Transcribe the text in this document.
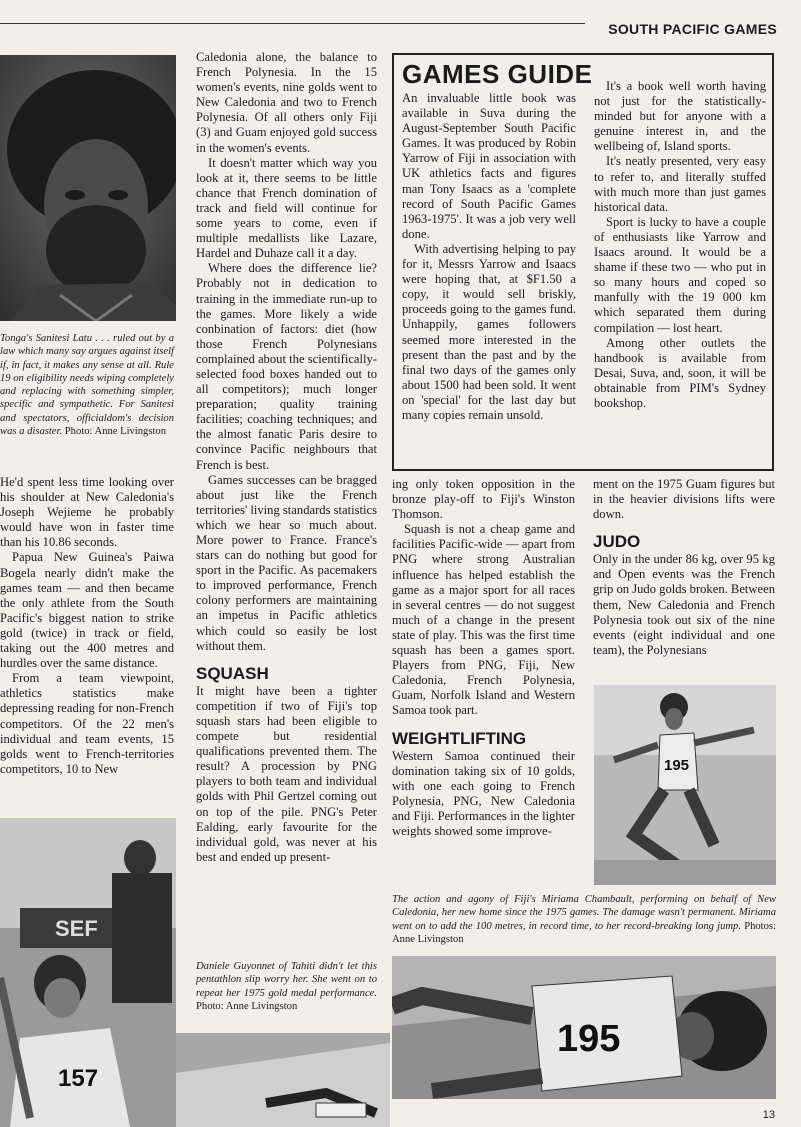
SOUTH PACIFIC GAMES
Tonga's Sanitesi Latu . . . ruled out by a law which many say argues against itself if, in fact, it makes any sense at all. Rule 19 on eligibility needs wiping completely and replacing with something simpler, specific and sympathetic. For Sanitesi and spectators, officialdom's decision was a disaster. Photo: Anne Livingston

He'd spent less time looking over his shoulder at New Caledonia's Joseph Wejieme he probably would have won in faster time than his 10.86 seconds.

Papua New Guinea's Paiwa Bogela nearly didn't make the games team — and then became the only athlete from the South Pacific's biggest nation to strike gold (twice) in track or field, taking out the 400 metres and hurdles over the same distance.

From a team viewpoint, athletics statistics make depressing reading for non-French competitors. Of the 22 men's individual and team events, 15 golds went to French-territories competitors, 10 to New

SEF
157

Caledonia alone, the balance to French Polynesia. In the 15 women's events, nine golds went to New Caledonia and two to French Polynesia. Of all others only Fiji (3) and Guam enjoyed gold success in the women's events.

It doesn't matter which way you look at it, there seems to be little chance that French domination of track and field will continue for some years to come, even if multiple medallists like Lazare, Hardel and Duhaze call it a day.

Where does the difference lie? Probably not in dedication to training in the immediate run-up to the games. More likely a wide conbination of factors: diet (how those French Polynesians complained about the scientifically-selected food boxes handed out to all competitors); much longer preparation; quality training facilities; coaching techniques; and the almost fanatic Paris desire to convince Pacific neighbours that French is best.

Games successes can be bragged about just like the French territories' living standards statistics which we hear so much about. More power to France. France's stars can do nothing but good for sport in the Pacific. As pacemakers to improved performance, French colony performers are maintaining an impetus in Pacific athletics which could so easily be lost without them.

SQUASH

It might have been a tighter competition if two of Fiji's top squash stars had been eligible to compete but residential qualifications prevented them. The result? A procession by PNG players to both team and individual golds with Phil Gertzel coming out on top of the pile. PNG's Peter Ealding, early favourite for the individual gold, was never at his best and ended up present-

Daniele Guyonnet of Tahiti didn't let this pentathlon slip worry her. She went on to repeat her 1975 gold medal performance. Photo: Anne Livingston
GAMES GUIDE

An invaluable little book was available in Suva during the August-September South Pacific Games. It was produced by Robin Yarrow of Fiji in association with UK athletics facts and figures man Tony Isaacs as a 'complete record of South Pacific Games 1963-1975'. It was a job very well done.

With advertising helping to pay for it, Messrs Yarrow and Isaacs were hoping that, at $F1.50 a copy, it would sell briskly, proceeds going to the games fund. Unhappily, games followers seemed more interested in the present than the past and by the final two days of the games only about 1500 had been sold. It went on 'special' for the last day but many copies remain unsold.

It's a book well worth having not just for the statistically-minded but for anyone with a genuine interest in, and the wellbeing of, Island sports.

It's neatly presented, very easy to refer to, and literally stuffed with much more than just games historical data.

Sport is lucky to have a couple of enthusiasts like Yarrow and Isaacs around. It would be a shame if these two — who put in so many hours and coped so manfully with the 19 000 km which separated them during compilation — lost heart.

Among other outlets the handbook is available from Desai, Suva, and, soon, it will be obtainable from PIM's Sydney bookshop.

ing only token opposition in the bronze play-off to Fiji's Winston Thomson.

Squash is not a cheap game and facilities Pacific-wide — apart from PNG where strong Australian influence has helped establish the game as a major sport for all races in several centres — do not suggest much of a change in the present state of play. This was the first time squash has been a games sport. Players from PNG, Fiji, New Caledonia, French Polynesia, Guam, Norfolk Island and Western Samoa took part.

WEIGHTLIFTING

Western Samoa continued their domination taking six of 10 golds, with one each going to French Polynesia, PNG, New Caledonia and Fiji. Performances in the lighter weights showed some improve-

ment on the 1975 Guam figures but in the heavier divisions lifts were down.

JUDO

Only in the under 86 kg, over 95 kg and Open events was the French grip on Judo golds broken. Between them, New Caledonia and French Polynesia took out six of the nine events (eight individual and one team), the Polynesians

195
The action and agony of Fiji's Miriama Chambault, performing on behalf of New Caledonia, her new home since the 1975 games. The damage wasn't permanent. Miriama went on to add the 100 metres, in record time, to her record-breaking long jump. Photos: Anne Livingston
195
13
